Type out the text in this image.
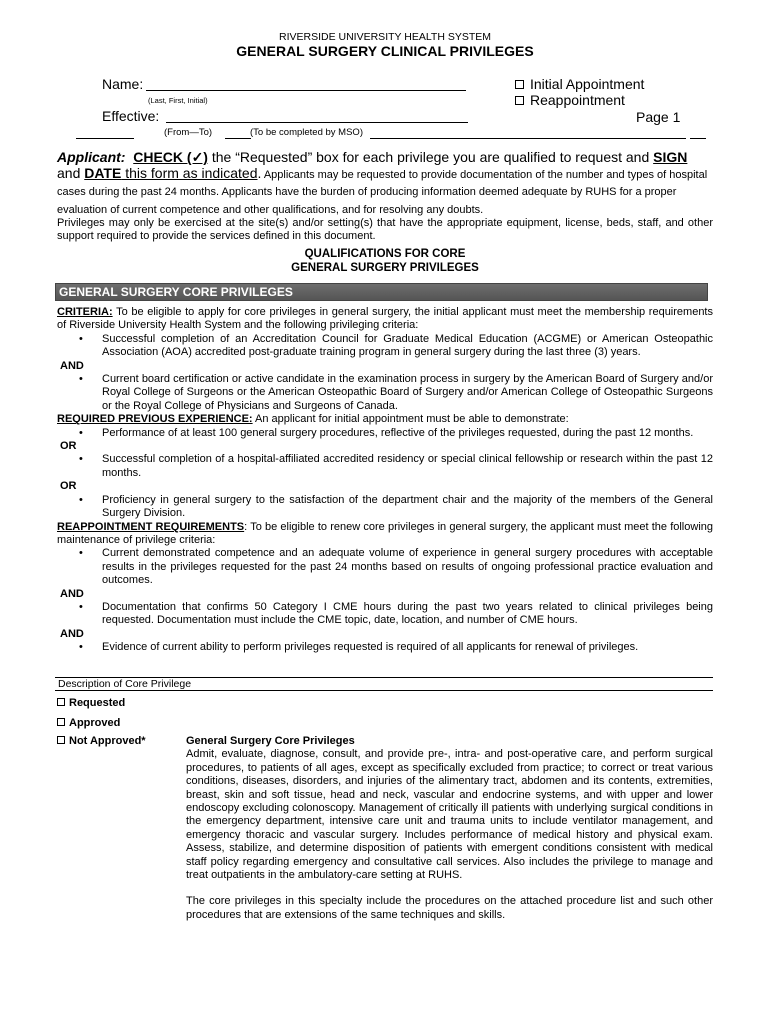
RIVERSIDE UNIVERSITY HEALTH SYSTEM
GENERAL SURGERY CLINICAL PRIVILEGES
Name:
(Last, First, Initial)
Initial Appointment
Reappointment
Effective:	Page 1
(From—To)	(To be completed by MSO)
Applicant: CHECK (✓) the “Requested” box for each privilege you are qualified to request and SIGN and DATE this form as indicated. Applicants may be requested to provide documentation of the number and types of hospital cases during the past 24 months. Applicants have the burden of producing information deemed adequate by RUHS for a proper evaluation of current competence and other qualifications, and for resolving any doubts.
Privileges may only be exercised at the site(s) and/or setting(s) that have the appropriate equipment, license, beds, staff, and other support required to provide the services defined in this document.
QUALIFICATIONS FOR CORE
GENERAL SURGERY PRIVILEGES
GENERAL SURGERY CORE PRIVILEGES

CRITERIA: To be eligible to apply for core privileges in general surgery, the initial applicant must meet the membership requirements of Riverside University Health System and the following privileging criteria:

• Successful completion of an Accreditation Council for Graduate Medical Education (ACGME) or American Osteopathic Association (AOA) accredited post-graduate training program in general surgery during the last three (3) years.
AND
• Current board certification or active candidate in the examination process in surgery by the American Board of Surgery and/or Royal College of Surgeons or the American Osteopathic Board of Surgery and/or American College of Osteopathic Surgeons or the Royal College of Physicians and Surgeons of Canada.

REQUIRED PREVIOUS EXPERIENCE: An applicant for initial appointment must be able to demonstrate:

• Performance of at least 100 general surgery procedures, reflective of the privileges requested, during the past 12 months.
OR
• Successful completion of a hospital-affiliated accredited residency or special clinical fellowship or research within the past 12 months.
OR
• Proficiency in general surgery to the satisfaction of the department chair and the majority of the members of the General Surgery Division.

REAPPOINTMENT REQUIREMENTS: To be eligible to renew core privileges in general surgery, the applicant must meet the following maintenance of privilege criteria:

• Current demonstrated competence and an adequate volume of experience in general surgery procedures with acceptable results in the privileges requested for the past 24 months based on results of ongoing professional practice evaluation and outcomes.
AND
• Documentation that confirms 50 Category I CME hours during the past two years related to clinical privileges being requested. Documentation must include the CME topic, date, location, and number of CME hours.
AND
• Evidence of current ability to perform privileges requested is required of all applicants for renewal of privileges.
Description of Core Privilege
Requested
Approved
Not Approved*	General Surgery Core Privileges

Admit, evaluate, diagnose, consult, and provide pre-, intra- and post-operative care, and perform surgical procedures, to patients of all ages, except as specifically excluded from practice; to correct or treat various conditions, diseases, disorders, and injuries of the alimentary tract, abdomen and its contents, extremities, breast, skin and soft tissue, head and neck, vascular and endocrine systems, and with upper and lower endoscopy excluding colonoscopy. Management of critically ill patients with underlying surgical conditions in the emergency department, intensive care unit and trauma units to include ventilator management, and emergency thoracic and vascular surgery. Includes performance of medical history and physical exam. Assess, stabilize, and determine disposition of patients with emergent conditions consistent with medical staff policy regarding emergency and consultative call services. Also includes the privilege to manage and treat outpatients in the ambulatory-care setting at RUHS.

The core privileges in this specialty include the procedures on the attached procedure list and such other procedures that are extensions of the same techniques and skills.
